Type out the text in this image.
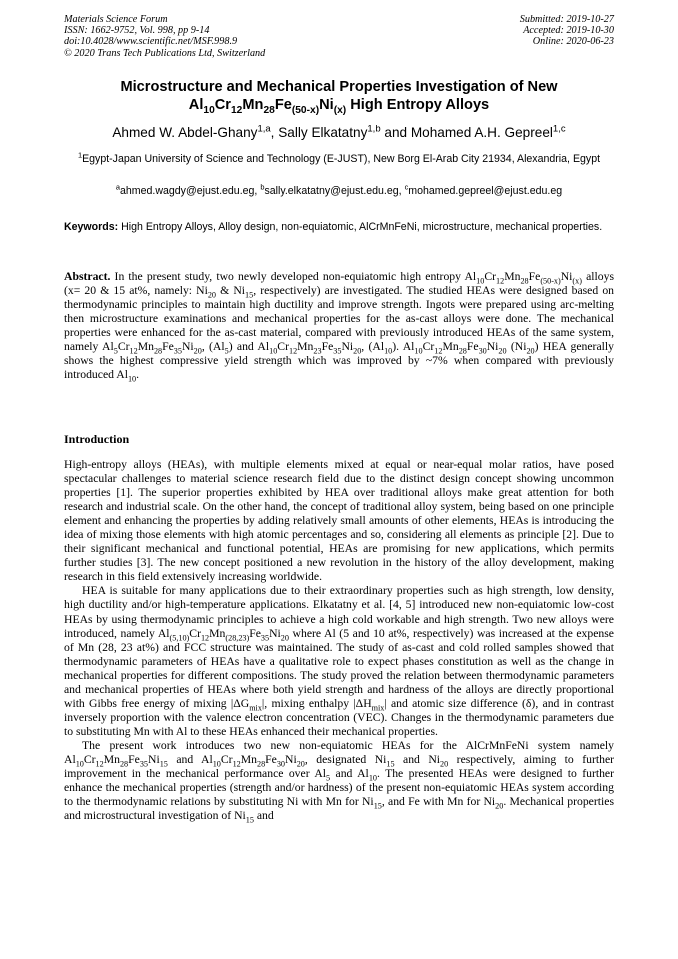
Materials Science Forum
ISSN: 1662-9752, Vol. 998, pp 9-14
doi:10.4028/www.scientific.net/MSF.998.9
© 2020 Trans Tech Publications Ltd, Switzerland
Submitted: 2019-10-27
Accepted: 2019-10-30
Online: 2020-06-23
Microstructure and Mechanical Properties Investigation of New
$Al_{10}Cr_{12}Mn_{28}Fe_{(50-x)}Ni_{(x)}$ High Entropy Alloys
Ahmed W. Abdel-Ghany$^{1,a}$, Sally Elkatatny$^{1,b}$ and Mohamed A.H. Gepreel$^{1,c}$
$^1$Egypt-Japan University of Science and Technology (E-JUST), New Borg El-Arab City 21934, Alexandria, Egypt
$^a$ahmed.wagdy@ejust.edu.eg, $^b$sally.elkatatny@ejust.edu.eg, $^c$mohamed.gepreel@ejust.edu.eg
Keywords: High Entropy Alloys, Alloy design, non-equiatomic, AlCrMnFeNi, microstructure, mechanical properties.
Abstract. In the present study, two newly developed non-equiatomic high entropy $Al_{10}Cr_{12}Mn_{28}Fe_{(50-x)}Ni_{(x)}$ alloys (x= 20 & 15 at%, namely: $Ni_{20}$ & $Ni_{15}$, respectively) are investigated. The studied HEAs were designed based on thermodynamic principles to maintain high ductility and improve strength. Ingots were prepared using arc-melting then microstructure examinations and mechanical properties for the as-cast alloys were done. The mechanical properties were enhanced for the as-cast material, compared with previously introduced HEAs of the same system, namely $Al_5Cr_{12}Mn_{28}Fe_{35}Ni_{20}$, $(Al_5)$ and $Al_{10}Cr_{12}Mn_{23}Fe_{35}Ni_{20}$, $(Al_{10})$. $Al_{10}Cr_{12}Mn_{28}Fe_{30}Ni_{20}$ $(Ni_{20})$ HEA generally shows the highest compressive yield strength which was improved by ~7% when compared with previously introduced $Al_{10}$.
Introduction

High-entropy alloys (HEAs), with multiple elements mixed at equal or near-equal molar ratios, have posed spectacular challenges to material science research field due to the distinct design concept showing uncommon properties [1]. The superior properties exhibited by HEA over traditional alloys make great attention for both research and industrial scale. On the other hand, the concept of traditional alloy system, being based on one principle element and enhancing the properties by adding relatively small amounts of other elements, HEAs is introducing the idea of mixing those elements with high atomic percentages and so, considering all elements as principle [2]. Due to their significant mechanical and functional potential, HEAs are promising for new applications, which permits further studies [3]. The new concept positioned a new revolution in the history of the alloy development, making research in this field extensively increasing worldwide.

HEA is suitable for many applications due to their extraordinary properties such as high strength, low density, high ductility and/or high-temperature applications. Elkatatny et al. [4, 5] introduced new non-equiatomic low-cost HEAs by using thermodynamic principles to achieve a high cold workable and high strength. Two new alloys were introduced, namely $Al_{(5,10)}Cr_{12}Mn_{(28,23)}Fe_{35}Ni_{20}$ where Al (5 and 10 at%, respectively) was increased at the expense of Mn (28, 23 at%) and FCC structure was maintained. The study of as-cast and cold rolled samples showed that thermodynamic parameters of HEAs have a qualitative role to expect phases constitution as well as the change in mechanical properties for different compositions. The study proved the relation between thermodynamic parameters and mechanical properties of HEAs where both yield strength and hardness of the alloys are directly proportional with Gibbs free energy of mixing $|\Delta G_{mix}|$, mixing enthalpy $|\Delta H_{mix}|$ and atomic size difference (δ), and in contrast inversely proportion with the valence electron concentration (VEC). Changes in the thermodynamic parameters due to substituting Mn with Al to these HEAs enhanced their mechanical properties.

The present work introduces two new non-equiatomic HEAs for the AlCrMnFeNi system namely $Al_{10}Cr_{12}Mn_{28}Fe_{35}Ni_{15}$ and $Al_{10}Cr_{12}Mn_{28}Fe_{30}Ni_{20}$, designated $Ni_{15}$ and $Ni_{20}$ respectively, aiming to further improvement in the mechanical performance over $Al_5$ and $Al_{10}$. The presented HEAs were designed to further enhance the mechanical properties (strength and/or hardness) of the present non-equiatomic HEAs system according to the thermodynamic relations by substituting Ni with Mn for $Ni_{15}$, and Fe with Mn for $Ni_{20}$. Mechanical properties and microstructural investigation of $Ni_{15}$ and
